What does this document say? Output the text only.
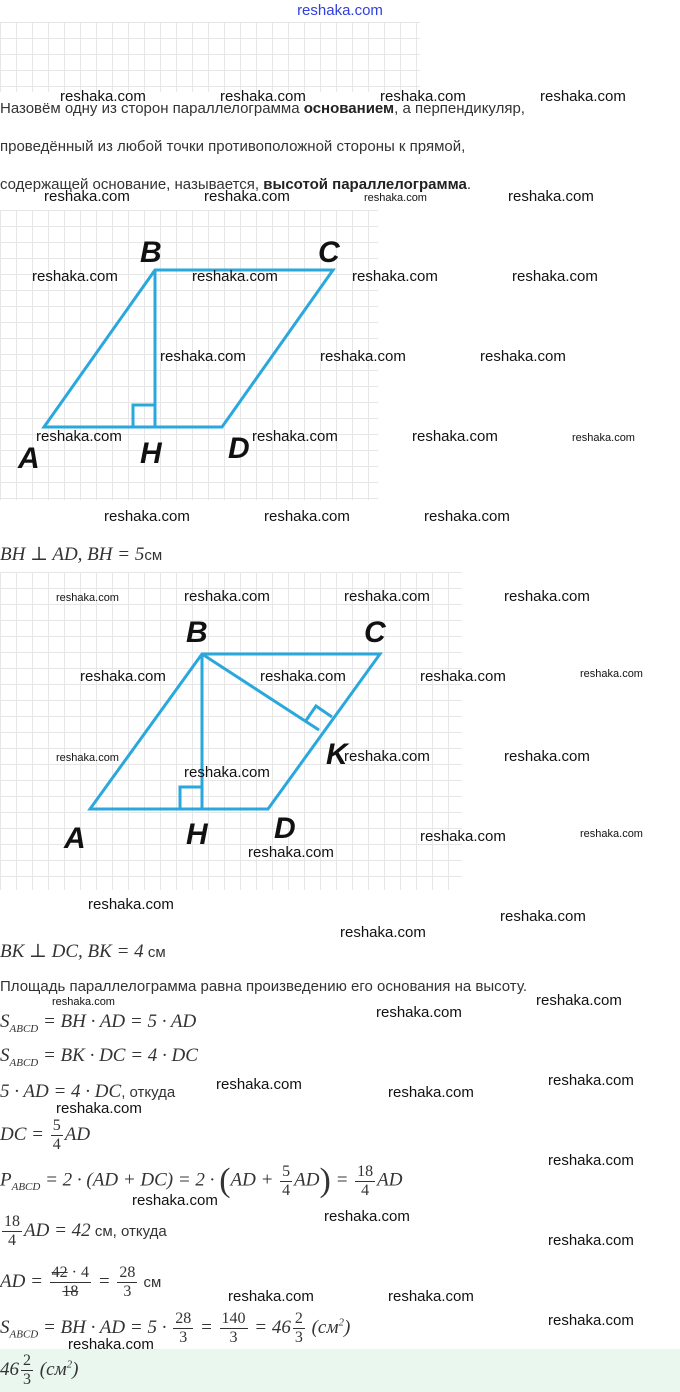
reshaka.com
Назовём одну из сторон параллелограмма основанием, а перпендикуляр,
проведённый из любой точки противоположной стороны к прямой,
содержащей основание, называется, высотой параллелограмма.
B	C
A	H D
BH ⊥ AD, BH = 5см
B	C
K
A	H D
BK ⊥ DC, BK = 4 см
Площадь параллелограмма равна произведению его основания на высоту.
$S_{ABCD}$ = BH · AD = 5 · AD
$S_{ABCD}$ = BK · DC = 4 · DC
5 · AD = 4 · DC, откуда
DC = $\frac{5}{4}$ AD
$P_{ABCD} = 2 \cdot (AD + DC) = 2 \cdot (AD + \frac{5}{4} AD) = \frac{18}{4}$ AD
$\frac{18}{4}$ AD = 42 см, откуда
AD = $\frac{42 \cdot 4}{18} = \frac{28}{3}$ см
$S_{ABCD}$ = BH · AD = $5 \cdot \frac{28}{3} = \frac{140}{3} = 46 \frac{2}{3} (см^2)$
$46 \frac{2}{3} (см^2)$
reshaka.com	reshaka.com	reshaka.com	reshaka.com
reshaka.com	reshaka.com	reshaka.com	reshaka.com
reshaka.com	reshaka.com	reshaka.com	reshaka.com
reshaka.com	reshaka.com	reshaka.com
reshaka.com	reshaka.com	reshaka.com	reshaka.com
reshaka.com	reshaka.com	reshaka.com
reshaka.com	reshaka.com	reshaka.com	reshaka.com
reshaka.com	reshaka.com	reshaka.com	reshaka.com
reshaka.com
reshaka.com
reshaka.com	reshaka.com
reshaka.com
reshaka.com	reshaka.com
reshaka.com
reshaka.com
reshaka.com
reshaka.com	reshaka.com
reshaka.com
reshaka.com	reshaka.com
reshaka.com
reshaka.com
reshaka.com
reshaka.com
reshaka.com
reshaka.com
reshaka.com	reshaka.com
reshaka.com
reshaka.com
